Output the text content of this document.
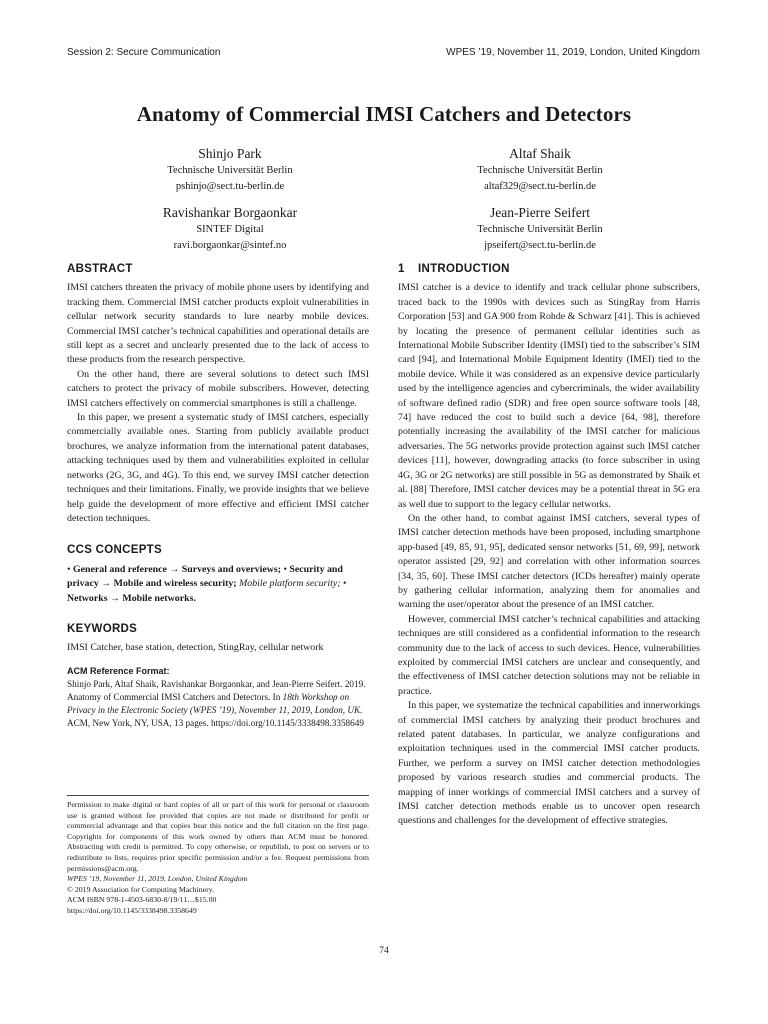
Session 2: Secure Communication	WPES ’19, November 11, 2019, London, United Kingdom
Anatomy of Commercial IMSI Catchers and Detectors
Shinjo Park
Technische Universität Berlin
pshinjo@sect.tu-berlin.de
Altaf Shaik
Technische Universität Berlin
altaf329@sect.tu-berlin.de
Ravishankar Borgaonkar
SINTEF Digital
ravi.borgaonkar@sintef.no
Jean-Pierre Seifert
Technische Universität Berlin
jpseifert@sect.tu-berlin.de
ABSTRACT

IMSI catchers threaten the privacy of mobile phone users by identifying and tracking them. Commercial IMSI catcher products exploit vulnerabilities in cellular network security standards to lure nearby mobile devices. Commercial IMSI catcher’s technical capabilities and operational details are still kept as a secret and unclearly presented due to the lack of access to these products from the research perspective.

On the other hand, there are several solutions to detect such IMSI catchers to protect the privacy of mobile subscribers. However, detecting IMSI catchers effectively on commercial smartphones is still a challenge.

In this paper, we present a systematic study of IMSI catchers, especially commercially available ones. Starting from publicly available product brochures, we analyze information from the international patent databases, attacking techniques used by them and vulnerabilities exploited in cellular networks (2G, 3G, and 4G). To this end, we survey IMSI catcher detection techniques and their limitations. Finally, we provide insights that we believe help guide the development of more effective and efficient IMSI catcher detection techniques.

CCS CONCEPTS
• General and reference → Surveys and overviews; • Security and privacy → Mobile and wireless security; Mobile platform security; • Networks → Mobile networks.
KEYWORDS

IMSI Catcher, base station, detection, StingRay, cellular network

ACM Reference Format:
Shinjo Park, Altaf Shaik, Ravishankar Borgaonkar, and Jean-Pierre Seifert. 2019. Anatomy of Commercial IMSI Catchers and Detectors. In 18th Workshop on Privacy in the Electronic Society (WPES ’19), November 11, 2019, London, UK. ACM, New York, NY, USA, 13 pages. https://doi.org/10.1145/3338498.3358649
Permission to make digital or hard copies of all or part of this work for personal or classroom use is granted without fee provided that copies are not made or distributed for profit or commercial advantage and that copies bear this notice and the full citation on the first page. Copyrights for components of this work owned by others than ACM must be honored. Abstracting with credit is permitted. To copy otherwise, or republish, to post on servers or to redistribute to lists, requires prior specific permission and/or a fee. Request permissions from permissions@acm.org.
WPES ’19, November 11, 2019, London, United Kingdom
© 2019 Association for Computing Machinery.
ACM ISBN 978-1-4503-6830-8/19/11…$15.00
https://doi.org/10.1145/3338498.3358649
1 INTRODUCTION

IMSI catcher is a device to identify and track cellular phone subscribers, traced back to the 1990s with devices such as StingRay from Harris Corporation [53] and GA 900 from Rohde & Schwarz [41]. This is achieved by locating the presence of permanent cellular identities such as International Mobile Subscriber Identity (IMSI) tied to the subscriber’s SIM card [94], and International Mobile Equipment Identity (IMEI) tied to the mobile device. While it was considered as an expensive device particularly used by the intelligence agencies and cybercriminals, the wider availability of software defined radio (SDR) and free open source software tools [48, 74] have reduced the cost to build such a device [64, 98], therefore potentially increasing the availability of the IMSI catcher for malicious adversaries. The 5G networks provide protection against such IMSI catcher devices [11], however, downgrading attacks (to force subscriber in using 4G, 3G or 2G networks) are still possible in 5G as demonstrated by Shaik et al. [88] Therefore, IMSI catcher devices may be a potential threat in 5G era as well due to support to the legacy cellular networks.

On the other hand, to combat against IMSI catchers, several types of IMSI catcher detection methods have been proposed, including smartphone app-based [49, 85, 91, 95], dedicated sensor networks [51, 69, 99], network operator assisted [29, 92] and correlation with other information sources [34, 35, 60]. These IMSI catcher detectors (ICDs hereafter) mainly operate by gathering cellular information, analyzing them for anomalies and warning the user/operator about the presence of an IMSI catcher.

However, commercial IMSI catcher’s technical capabilities and attacking techniques are still considered as a confidential information to the research community due to the lack of access to such devices. Hence, vulnerabilities exploited by commercial IMSI catchers are unclear and consequently, and the effectiveness of IMSI catcher detection solutions may not be reliable in practice.

In this paper, we systematize the technical capabilities and innerworkings of commercial IMSI catchers by analyzing their product brochures and related patent databases. In particular, we analyze configurations and exploitation techniques used in the commercial IMSI catcher products. Further, we perform a survey on IMSI catcher detection methodologies proposed by various research studies and commercial products. The mapping of inner workings of commercial IMSI catchers and a survey of IMSI catcher detection methods enable us to uncover open research questions and challenges for the development of effective strategies.

74
